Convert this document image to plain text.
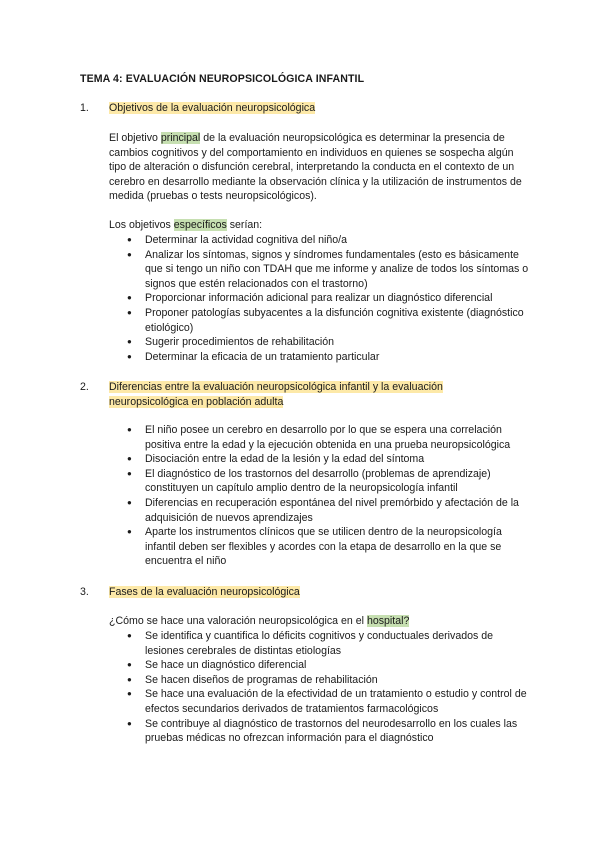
TEMA 4: EVALUACIÓN NEUROPSICOLÓGICA INFANTIL
1. Objetivos de la evaluación neuropsicológica

El objetivo principal de la evaluación neuropsicológica es determinar la presencia de cambios cognitivos y del comportamiento en individuos en quienes se sospecha algún tipo de alteración o disfunción cerebral, interpretando la conducta en el contexto de un cerebro en desarrollo mediante la observación clínica y la utilización de instrumentos de medida (pruebas o tests neuropsicológicos).

Los objetivos específicos serían:
● Determinar la actividad cognitiva del niño/a
● Analizar los síntomas, signos y síndromes fundamentales (esto es básicamente que si tengo un niño con TDAH que me informe y analize de todos los síntomas o signos que estén relacionados con el trastorno)
● Proporcionar información adicional para realizar un diagnóstico diferencial
● Proponer patologías subyacentes a la disfunción cognitiva existente (diagnóstico etiológico)
● Sugerir procedimientos de rehabilitación
● Determinar la eficacia de un tratamiento particular
2. Diferencias entre la evaluación neuropsicológica infantil y la evaluación neuropsicológica en población adulta
● El niño posee un cerebro en desarrollo por lo que se espera una correlación positiva entre la edad y la ejecución obtenida en una prueba neuropsicológica
● Disociación entre la edad de la lesión y la edad del síntoma
● El diagnóstico de los trastornos del desarrollo (problemas de aprendizaje) constituyen un capítulo amplio dentro de la neuropsicología infantil
● Diferencias en recuperación espontánea del nivel premórbido y afectación de la adquisición de nuevos aprendizajes
● Aparte los instrumentos clínicos que se utilicen dentro de la neuropsicología infantil deben ser flexibles y acordes con la etapa de desarrollo en la que se encuentra el niño
3. Fases de la evaluación neuropsicológica
¿Cómo se hace una valoración neuropsicológica en el hospital?
● Se identifica y cuantifica lo déficits cognitivos y conductuales derivados de lesiones cerebrales de distintas etiologías
● Se hace un diagnóstico diferencial
● Se hacen diseños de programas de rehabilitación
● Se hace una evaluación de la efectividad de un tratamiento o estudio y control de efectos secundarios derivados de tratamientos farmacológicos
● Se contribuye al diagnóstico de trastornos del neurodesarrollo en los cuales las pruebas médicas no ofrezcan información para el diagnóstico
